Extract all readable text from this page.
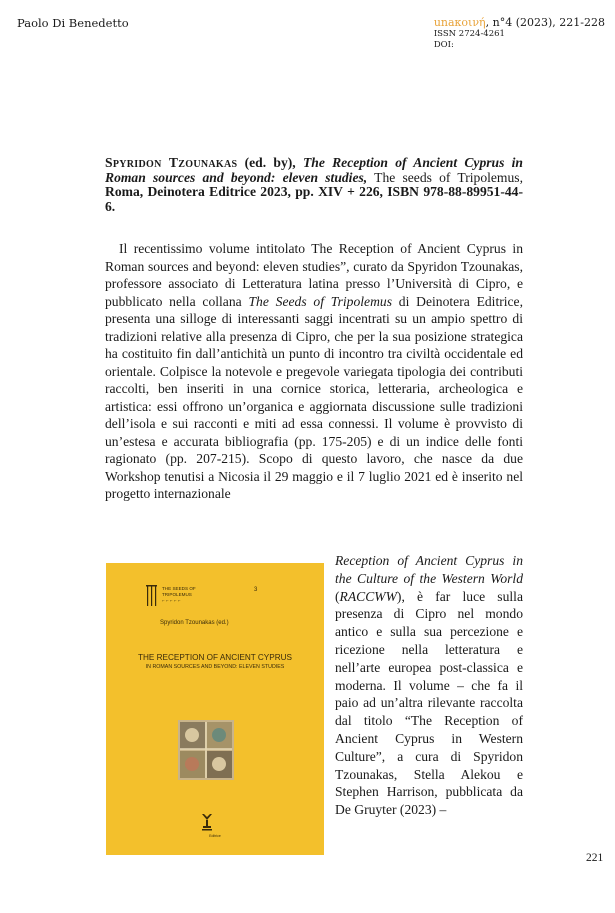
Paolo Di Benedetto	unaκοινή, n°4 (2023), 221-228
ISSN 2724-4261
DOI:
Spyridon Tzounakas (ed. by), The Reception of Ancient Cyprus in Roman sources and beyond: eleven studies, The seeds of Tripolemus, Roma, Deinotera Editrice 2023, pp. XIV + 226, ISBN 978-88-89951-44-6.
Il recentissimo volume intitolato The Reception of Ancient Cyprus in Roman sources and beyond: eleven studies”, curato da Spyridon Tzounakas, professore associato di Letteratura latina presso l’Università di Cipro, e pubblicato nella collana The Seeds of Tripolemus di Deinotera Editrice, presenta una silloge di interessanti saggi incentrati su un ampio spettro di tradizioni relative alla presenza di Cipro, che per la sua posizione strategica ha costituito fin dall’antichità un punto di incontro tra civiltà occidentale ed orientale. Colpisce la notevole e pregevole variegata tipologia dei contributi raccolti, ben inseriti in una cornice storica, letteraria, archeologica e artistica: essi offrono un’organica e aggiornata discussione sulle tradizioni dell’isola e sui racconti e miti ad essa connessi. Il volume è provvisto di un’estesa e accurata bibliografia (pp. 175-205) e di un indice delle fonti ragionato (pp. 207-215). Scopo di questo lavoro, che nasce da due Workshop tenutisi a Nicosia il 29 maggio e il 7 luglio 2021 ed è inserito nel progetto internazionale
THE SEEDS OF
TRIPOLEMUS
⌐ ⌐ ⌐ ⌐ ⌐
3
Spyridon Tzounakas (ed.)
THE RECEPTION OF ANCIENT CYPRUS
IN ROMAN SOURCES AND BEYOND: ELEVEN STUDIES
Editrice
Reception of Ancient Cyprus in the Culture of the Western World (RACCWW), è far luce sulla presenza di Cipro nel mondo antico e sulla sua percezione e ricezione nella letteratura e nell’arte europea post-classica e moderna. Il volume – che fa il paio ad un’altra rilevante raccolta dal titolo “The Reception of Ancient Cyprus in Western Culture”, a cura di Spyridon Tzounakas, Stella Alekou e Stephen Harrison, pubblicata da De Gruyter (2023) –
221
